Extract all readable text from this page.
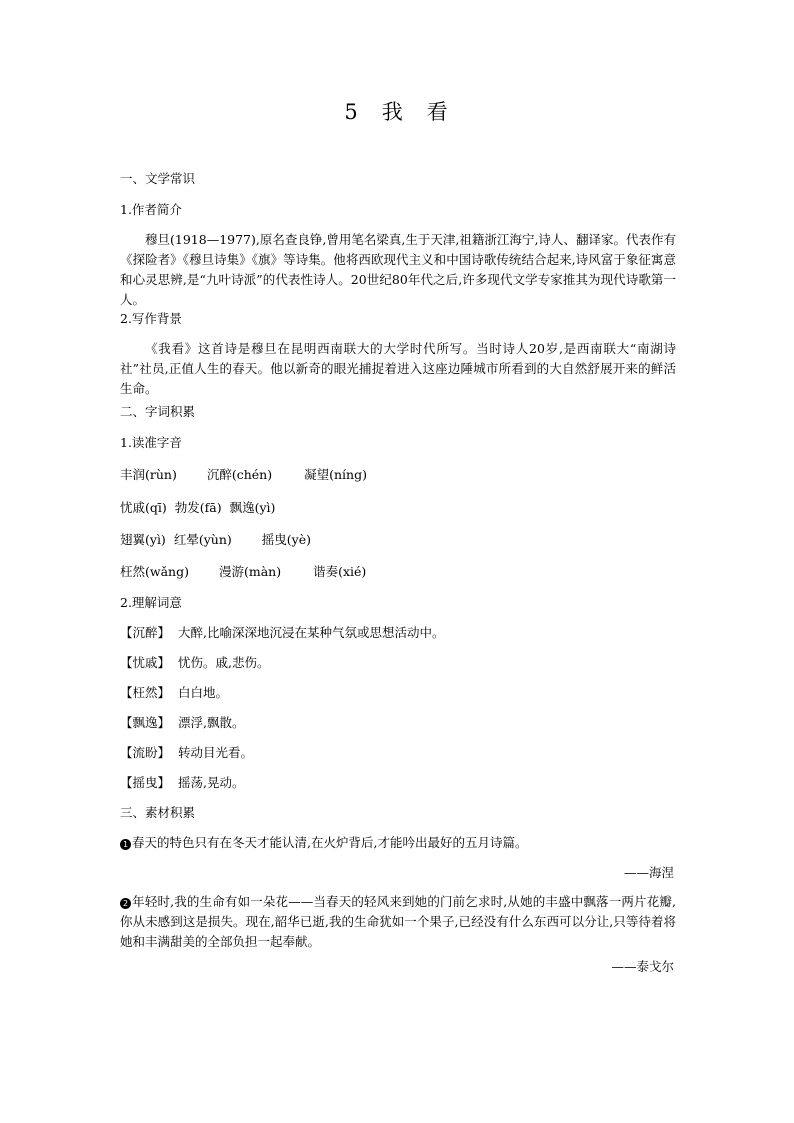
5 我 看
一、文学常识
1.作者简介
穆旦(1918—1977),原名查良铮,曾用笔名梁真,生于天津,祖籍浙江海宁,诗人、翻译家。代表作有《探险者》《穆旦诗集》《旗》等诗集。他将西欧现代主义和中国诗歌传统结合起来,诗风富于象征寓意和心灵思辨,是“九叶诗派”的代表性诗人。20世纪80年代之后,许多现代文学专家推其为现代诗歌第一人。
2.写作背景
《我看》这首诗是穆旦在昆明西南联大的大学时代所写。当时诗人20岁,是西南联大“南湖诗社”社员,正值人生的春天。他以新奇的眼光捕捉着进入这座边陲城市所看到的大自然舒展开来的鲜活生命。
二、字词积累
1.读准字音
丰润(rùn) 沉醉(chén)	凝望(níng)
忧戚(qī) 勃发(fā) 飘逸(yì)
翅翼(yì) 红晕(yùn) 摇曳(yè)
枉然(wǎng) 漫游(màn)	谐奏(xié)
2.理解词意
【沉醉】 大醉,比喻深深地沉浸在某种气氛或思想活动中。
【忧戚】 忧伤。戚,悲伤。
【枉然】 白白地。
【飘逸】 漂浮,飘散。
【流盼】 转动目光看。
【摇曳】 摇荡,晃动。
三、素材积累
1 春天的特色只有在冬天才能认清,在火炉背后,才能吟出最好的五月诗篇。
——海涅
2 年轻时,我的生命有如一朵花——当春天的轻风来到她的门前乞求时,从她的丰盛中飘落一两片花瓣,你从未感到这是损失。现在,韶华已逝,我的生命犹如一个果子,已经没有什么东西可以分让,只等待着将她和丰满甜美的全部负担一起奉献。
——泰戈尔
